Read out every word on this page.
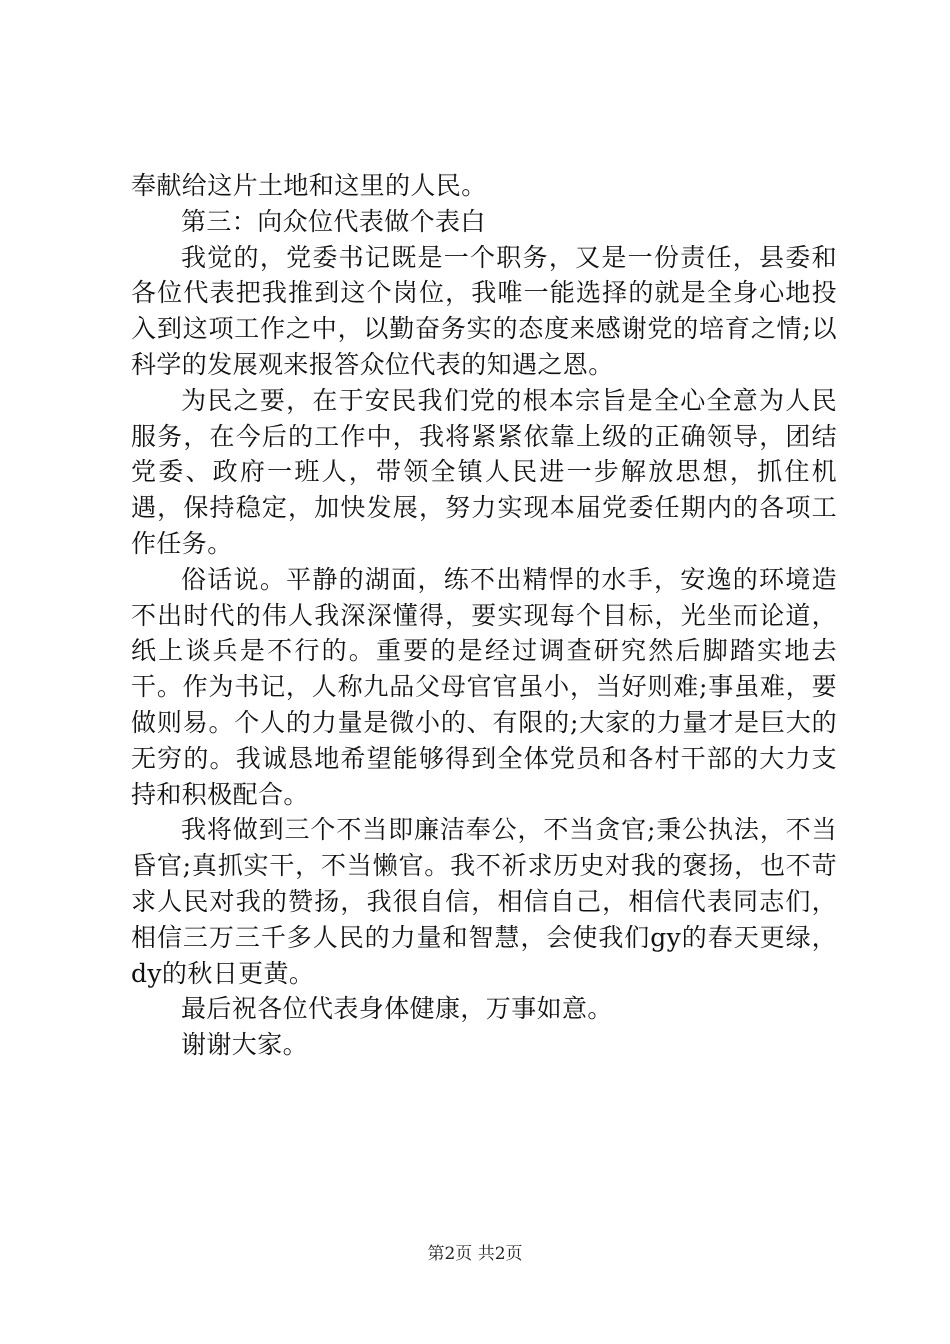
奉献给这片土地和这里的人民。

第三：向众位代表做个表白

我觉的，党委书记既是一个职务，又是一份责任，县委和各位代表把我推到这个岗位，我唯一能选择的就是全身心地投入到这项工作之中，以勤奋务实的态度来感谢党的培育之情;以科学的发展观来报答众位代表的知遇之恩。

为民之要，在于安民我们党的根本宗旨是全心全意为人民服务，在今后的工作中，我将紧紧依靠上级的正确领导，团结党委、政府一班人，带领全镇人民进一步解放思想，抓住机遇，保持稳定，加快发展，努力实现本届党委任期内的各项工作任务。

俗话说。平静的湖面，练不出精悍的水手，安逸的环境造不出时代的伟人我深深懂得，要实现每个目标，光坐而论道，纸上谈兵是不行的。重要的是经过调查研究然后脚踏实地去干。作为书记，人称九品父母官官虽小，当好则难;事虽难，要做则易。个人的力量是微小的、有限的;大家的力量才是巨大的无穷的。我诚恳地希望能够得到全体党员和各村干部的大力支持和积极配合。

我将做到三个不当即廉洁奉公，不当贪官;秉公执法，不当昏官;真抓实干，不当懒官。我不祈求历史对我的褒扬，也不苛求人民对我的赞扬，我很自信，相信自己，相信代表同志们，相信三万三千多人民的力量和智慧，会使我们gy的春天更绿，dy的秋日更黄。

最后祝各位代表身体健康，万事如意。

谢谢大家。

第2页 共2页
